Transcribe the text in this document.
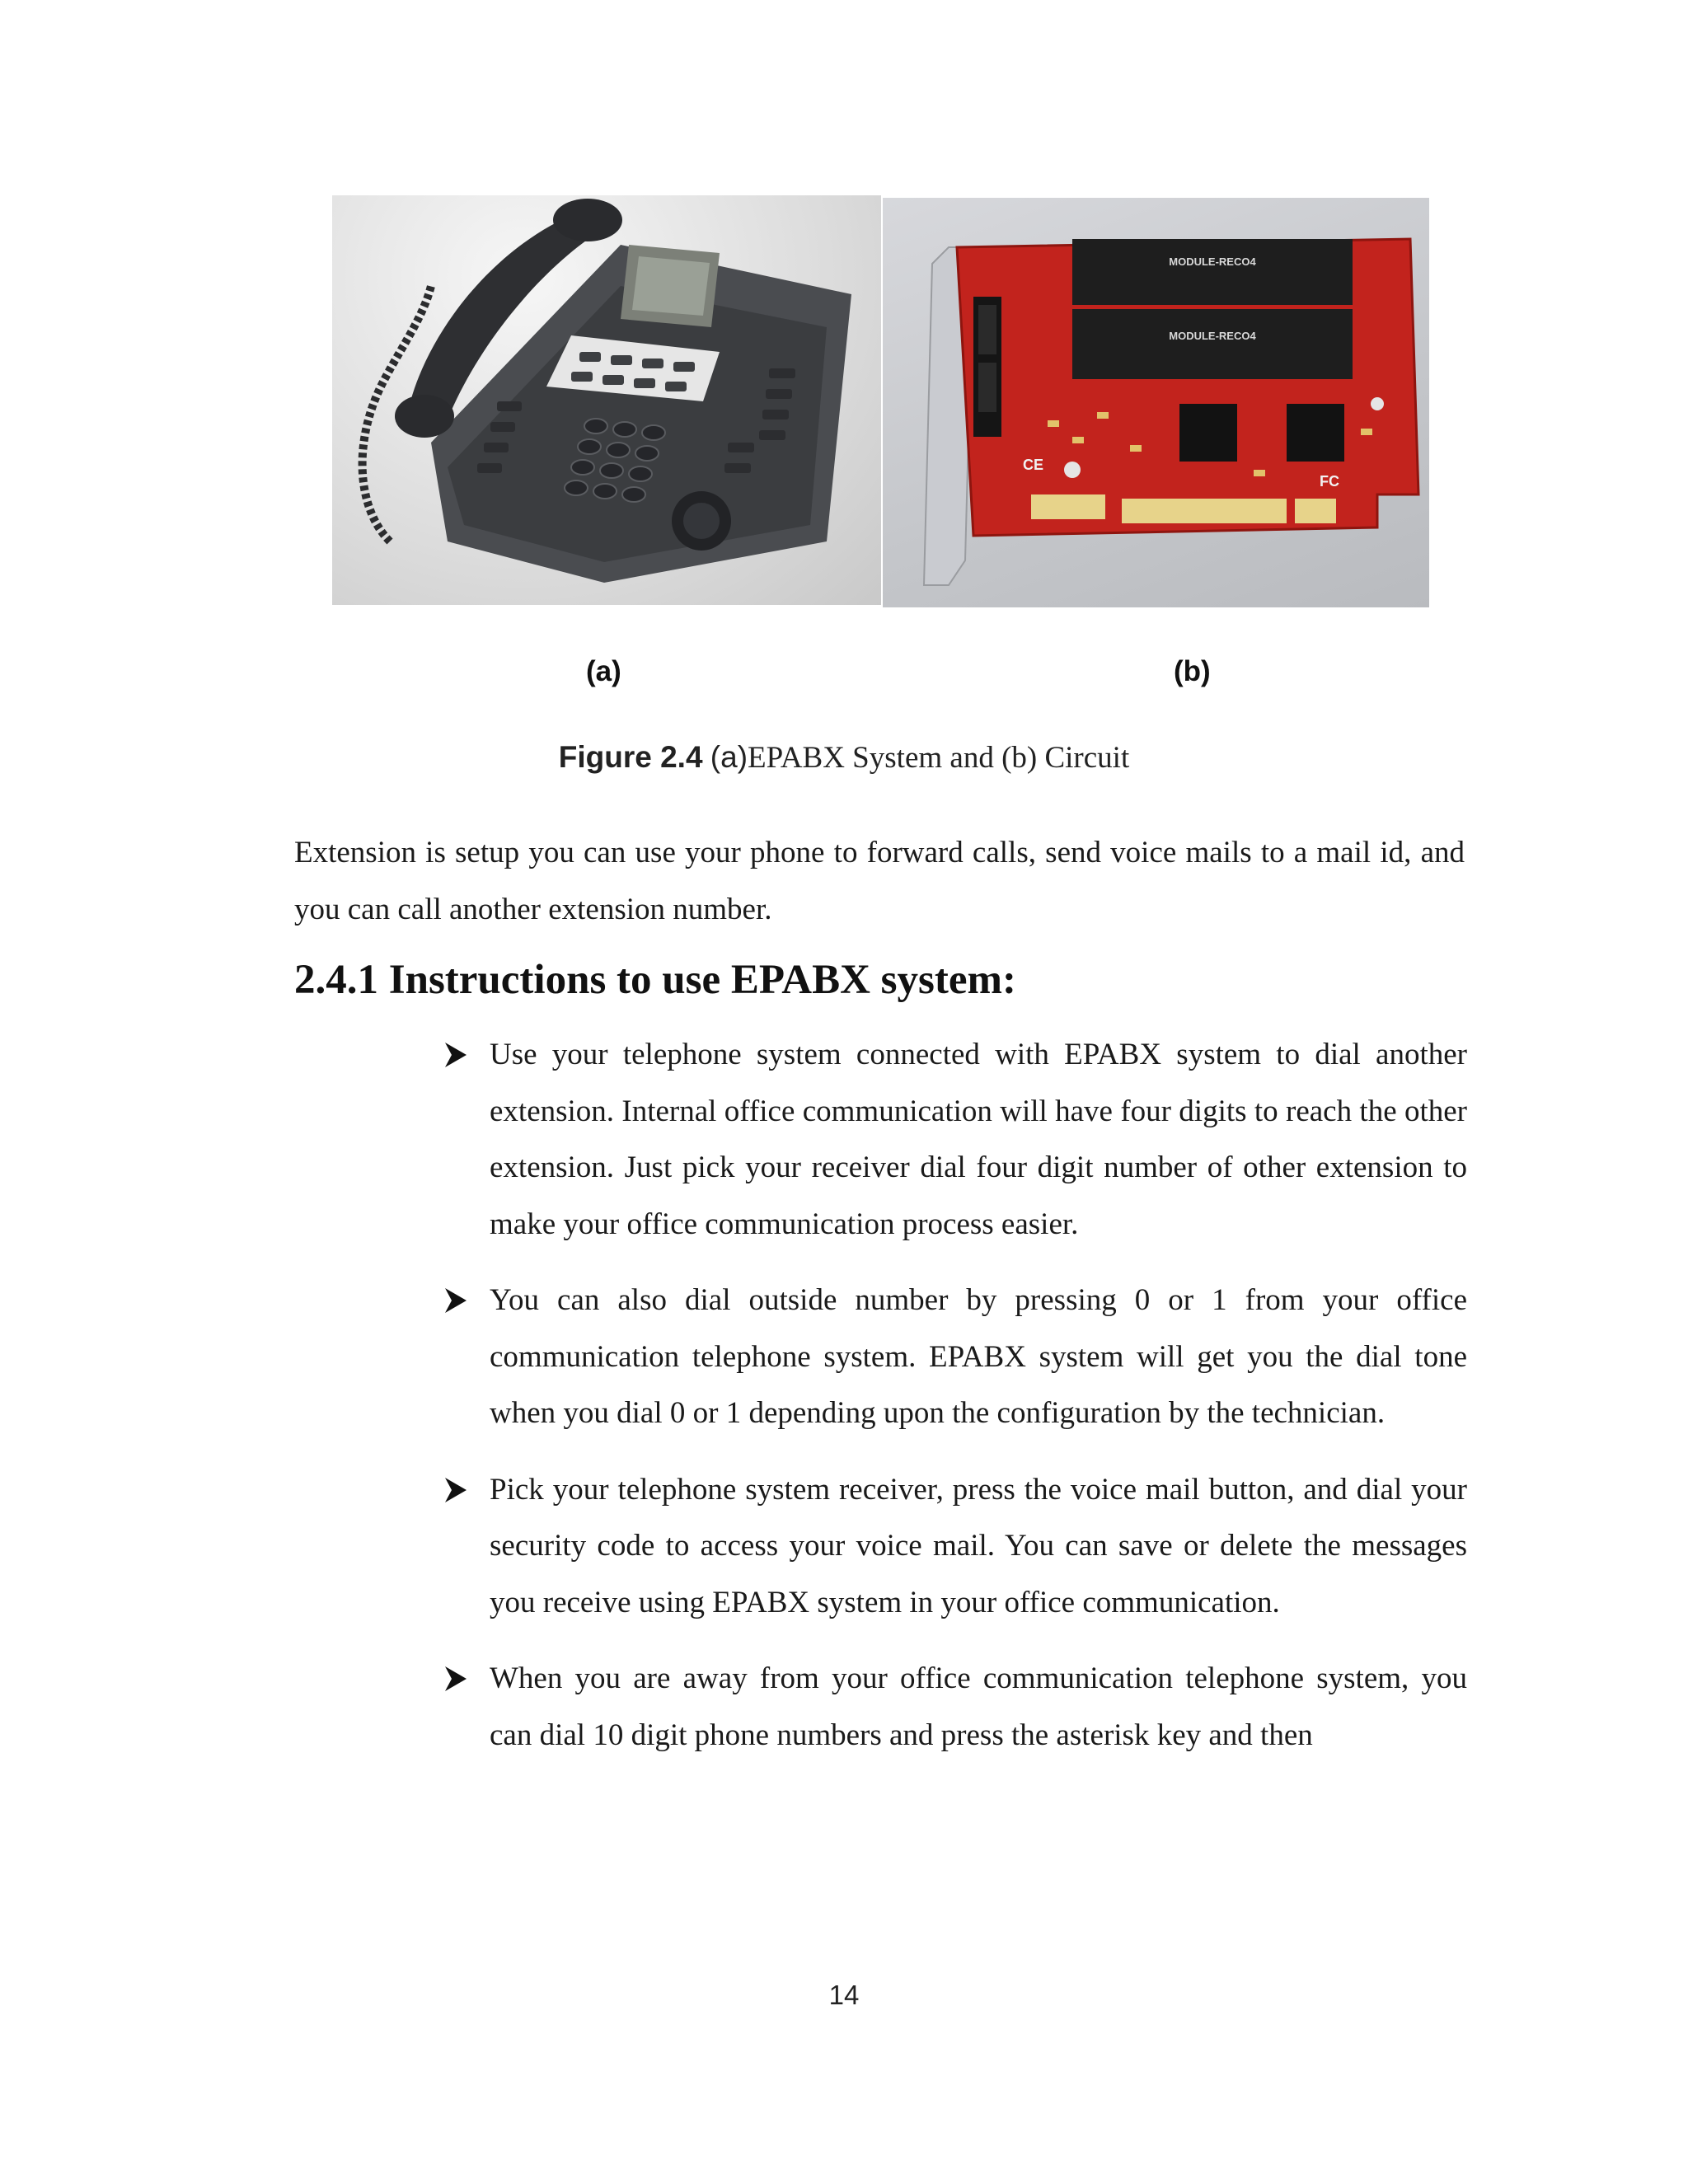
MODULE-RECO4
MODULE-RECO4
CE
FC
(a)	(b)
Figure 2.4 (a)EPABX System and (b) Circuit

Extension is setup you can use your phone to forward calls, send voice mails to a mail id, and you can call another extension number.

2.4.1 Instructions to use EPABX system:
Use your telephone system connected with EPABX system to dial another extension. Internal office communication will have four digits to reach the other extension. Just pick your receiver dial four digit number of other extension to make your office communication process easier.
You can also dial outside number by pressing 0 or 1 from your office communication telephone system. EPABX system will get you the dial tone when you dial 0 or 1 depending upon the configuration by the technician.
Pick your telephone system receiver, press the voice mail button, and dial your security code to access your voice mail. You can save or delete the messages you receive using EPABX system in your office communication.
When you are away from your office communication telephone system, you can dial 10 digit phone numbers and press the asterisk key and then
14
